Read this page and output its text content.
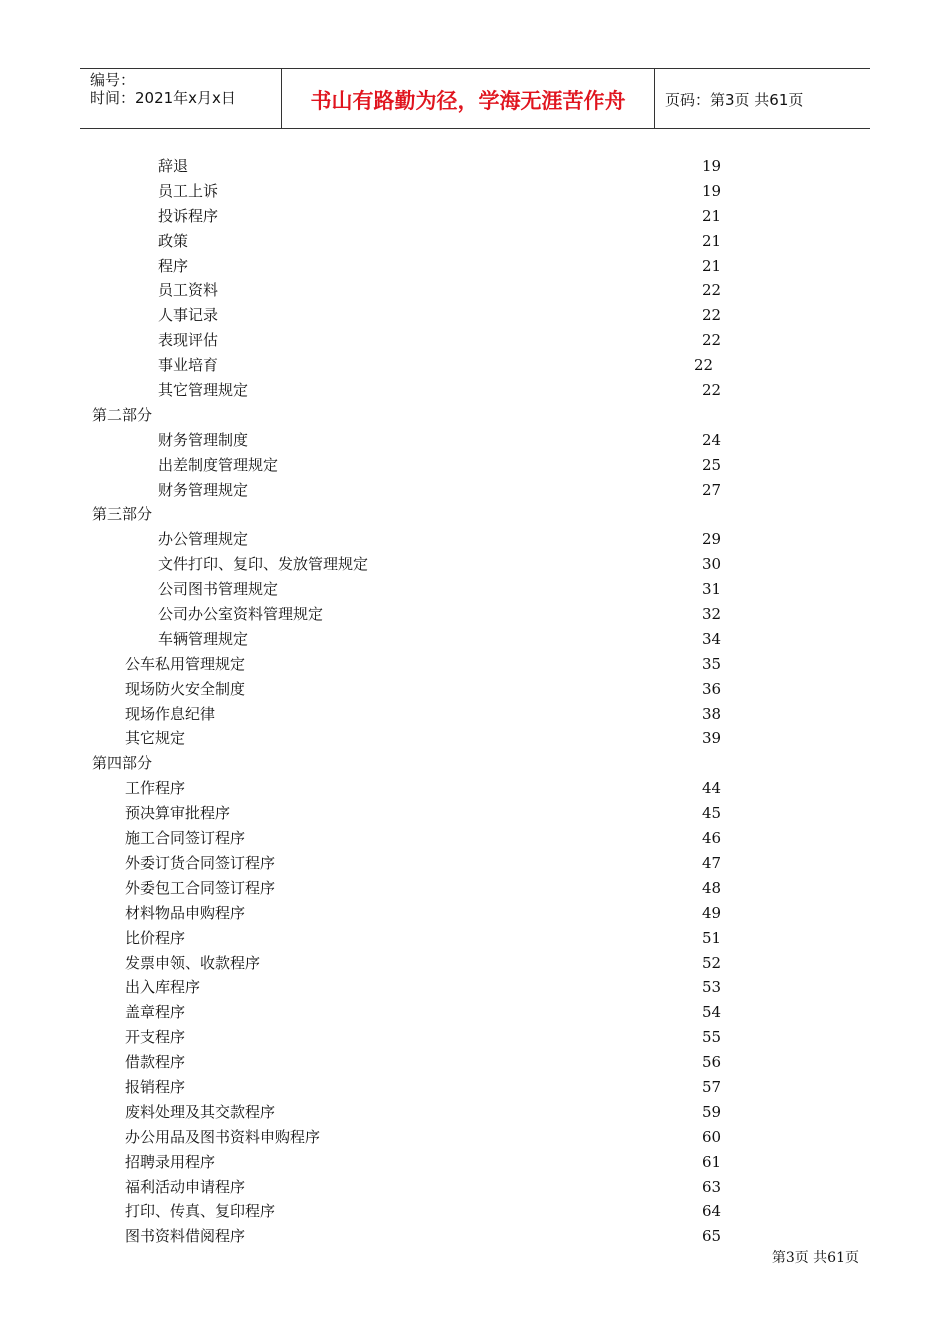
编号：
时间：2021年x月x日	书山有路勤为径，学海无涯苦作舟	页码：第3页 共61页
辞退	19
员工上诉	19
投诉程序	21
政策	21
程序	21
员工资料	22
人事记录	22
表现评估	22
事业培育	22
其它管理规定	22
第二部分
财务管理制度	24
出差制度管理规定	25
财务管理规定	27
第三部分
办公管理规定	29
文件打印、复印、发放管理规定	30
公司图书管理规定	31
公司办公室资料管理规定	32
车辆管理规定	34
公车私用管理规定	35
现场防火安全制度	36
现场作息纪律	38
其它规定	39
第四部分
工作程序	44
预决算审批程序	45
施工合同签订程序	46
外委订货合同签订程序	47
外委包工合同签订程序	48
材料物品申购程序	49
比价程序	51
发票申领、收款程序	52
出入库程序	53
盖章程序	54
开支程序	55
借款程序	56
报销程序	57
废料处理及其交款程序	59
办公用品及图书资料申购程序	60
招聘录用程序	61
福利活动申请程序	63
打印、传真、复印程序	64
图书资料借阅程序	65
第3页 共61页
